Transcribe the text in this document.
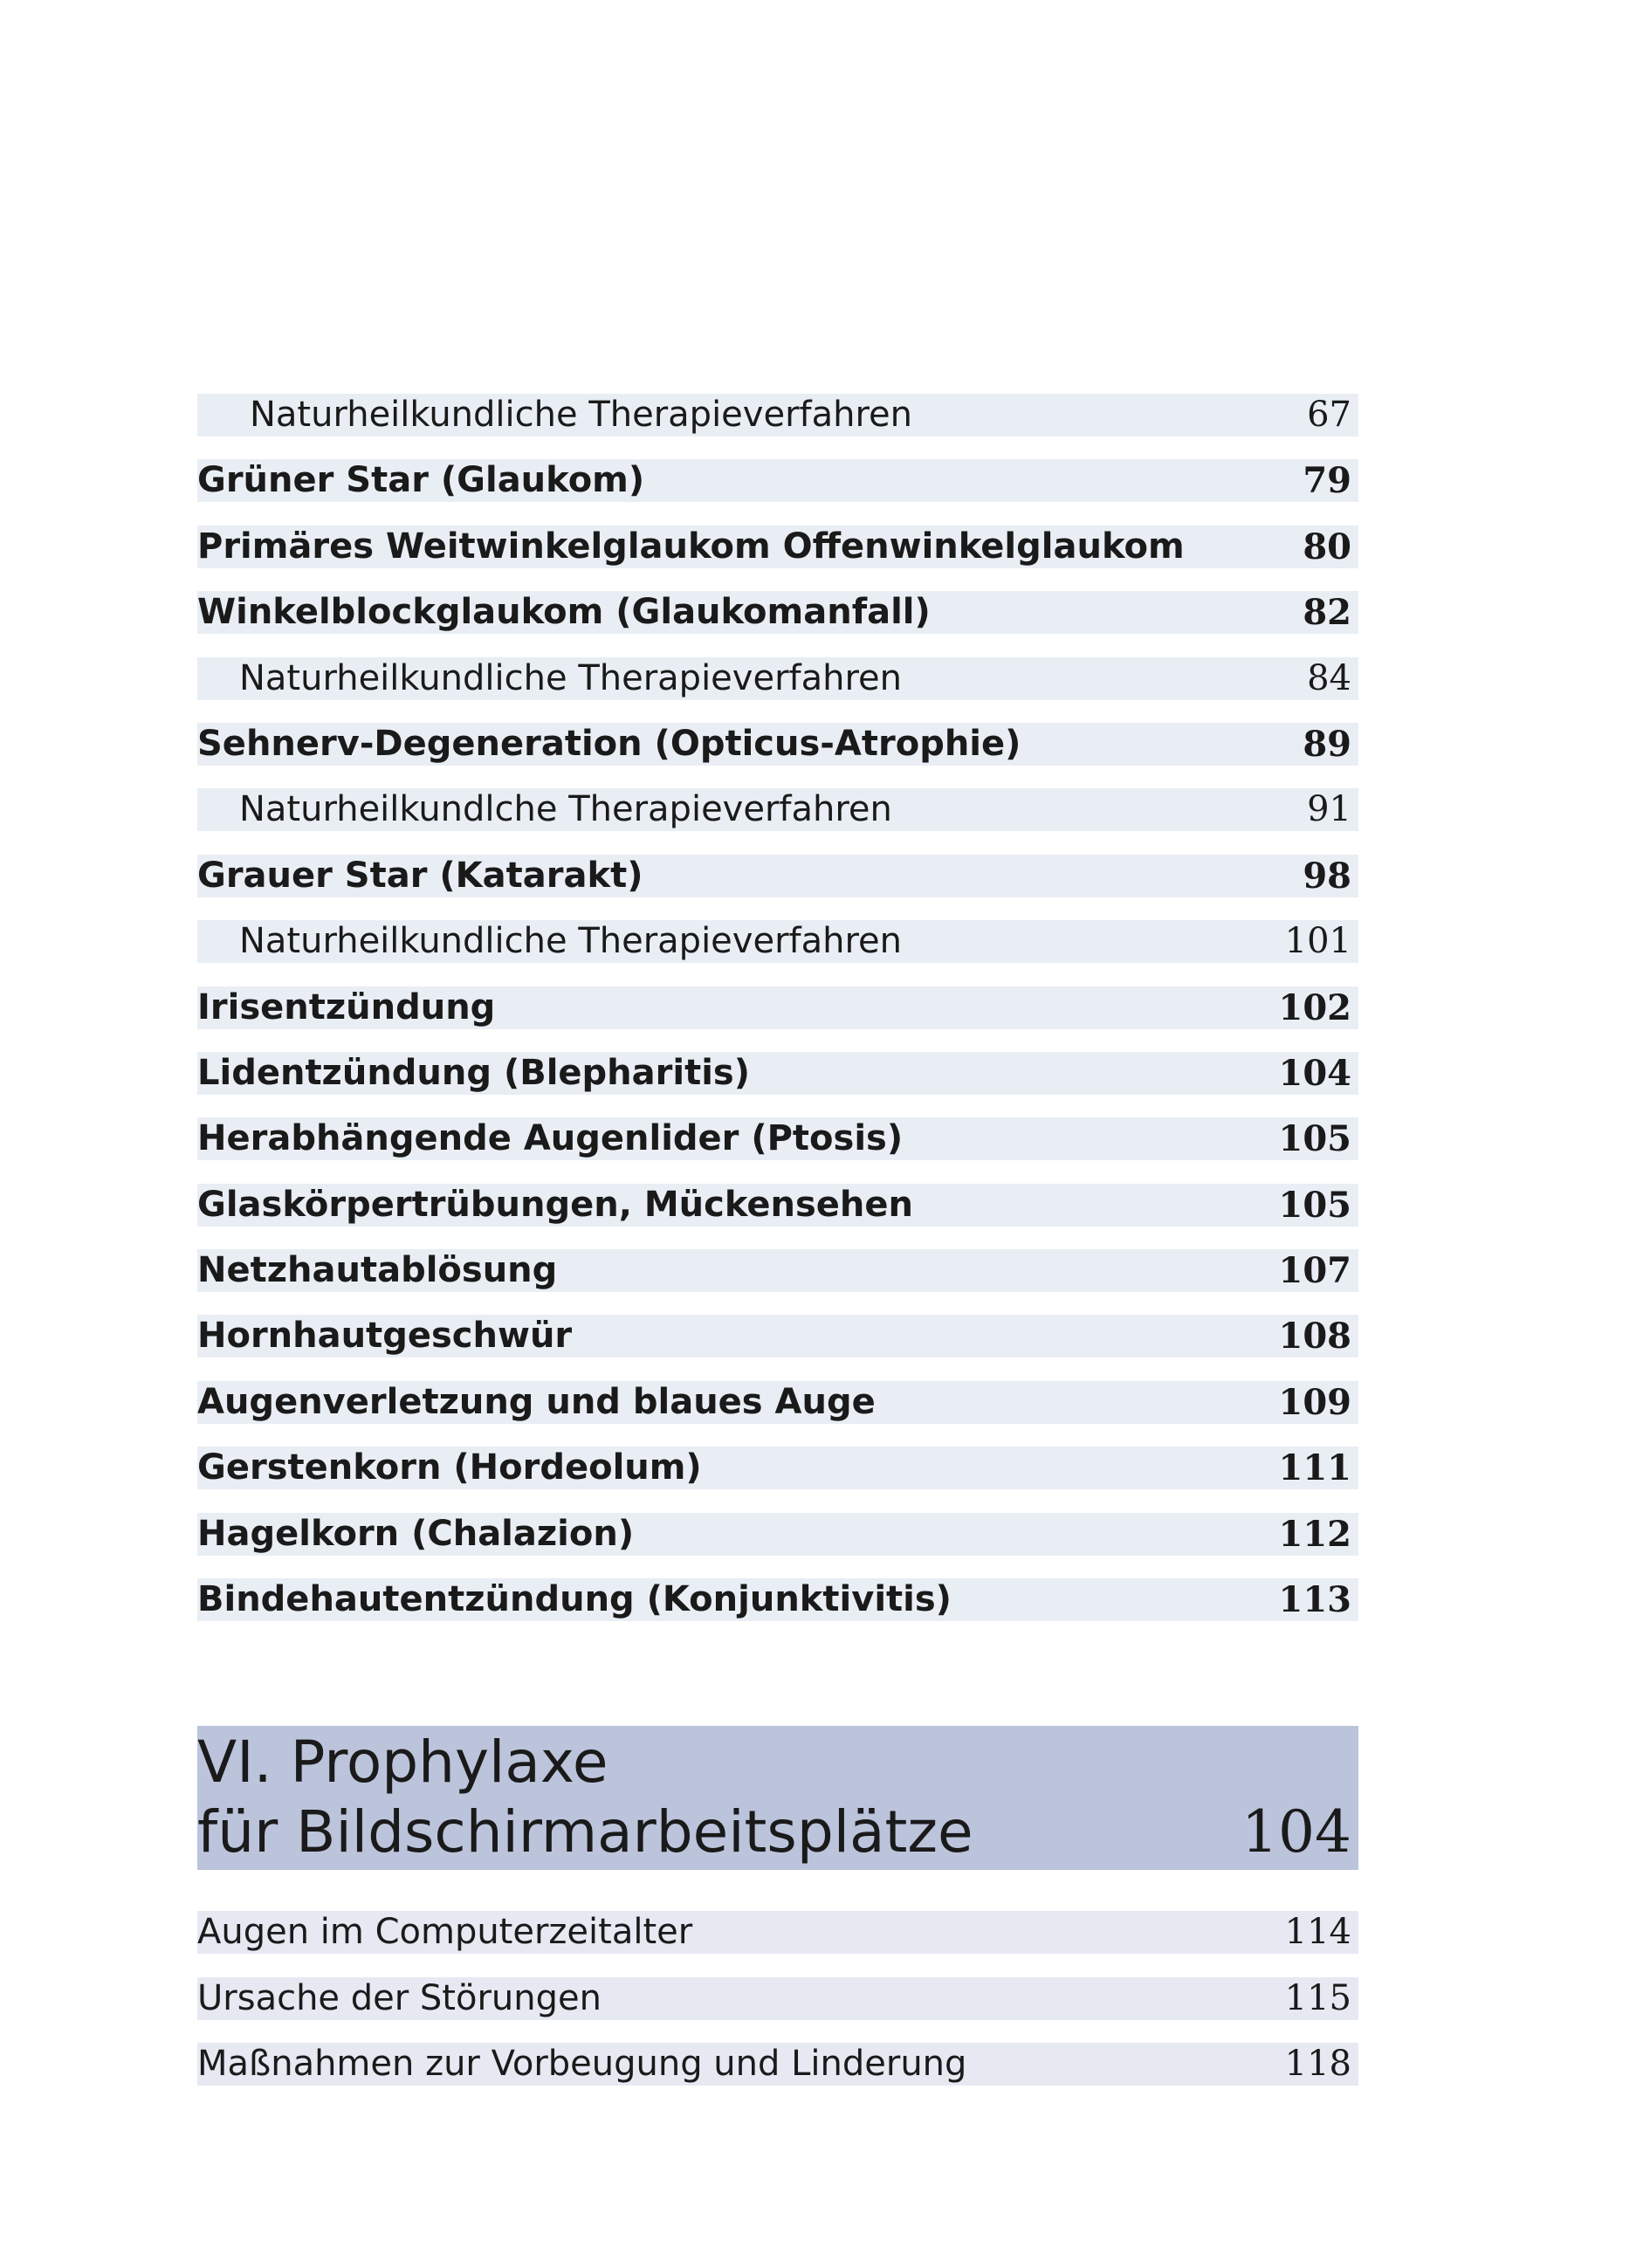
Naturheilkundliche Therapieverfahren	67
Grüner Star (Glaukom)	79
Primäres Weitwinkelglaukom Offenwinkelglaukom	80
Winkelblockglaukom (Glaukomanfall)	82
Naturheilkundliche Therapieverfahren	84
Sehnerv-Degeneration (Opticus-Atrophie)	89
Naturheilkundlche Therapieverfahren	91
Grauer Star (Katarakt)	98
Naturheilkundliche Therapieverfahren	101
Irisentzündung	102
Lidentzündung (Blepharitis)	104
Herabhängende Augenlider (Ptosis)	105
Glaskörpertrübungen, Mückensehen	105
Netzhautablösung	107
Hornhautgeschwür	108
Augenverletzung und blaues Auge	109
Gerstenkorn (Hordeolum)	111
Hagelkorn (Chalazion)	112
Bindehautentzündung (Konjunktivitis)	113
VI. Prophylaxe
für Bildschirmarbeitsplätze	104
Augen im Computerzeitalter	114
Ursache der Störungen	115
Maßnahmen zur Vorbeugung und Linderung	118
